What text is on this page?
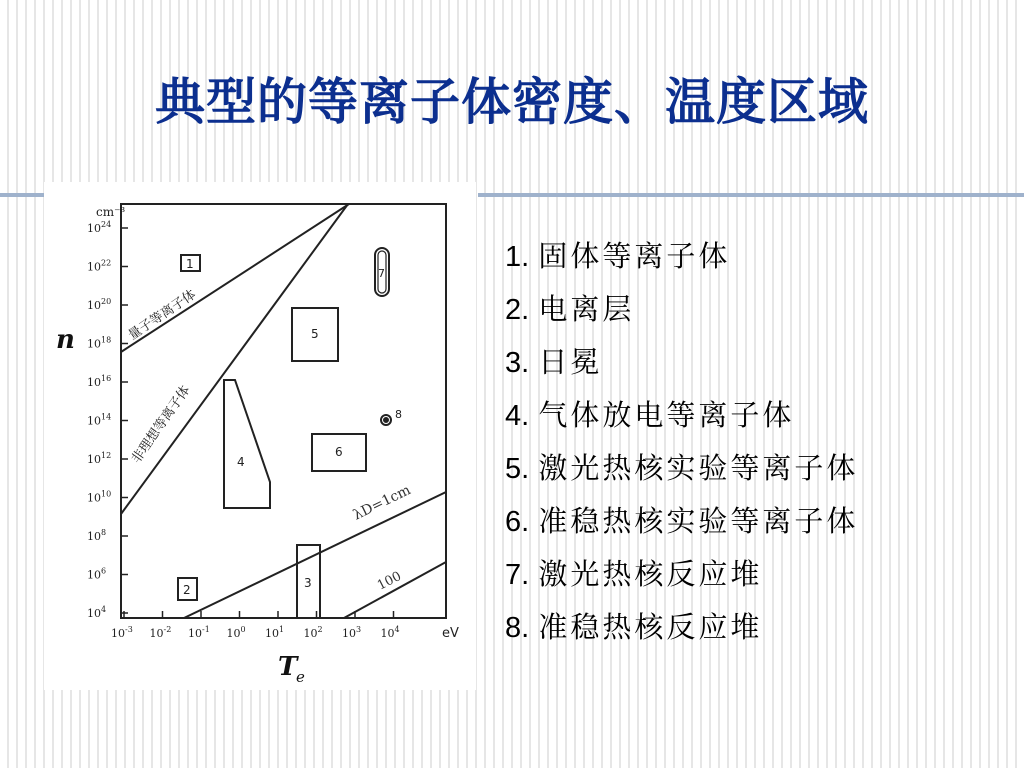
典型的等离子体密度、温度区域
cm⁻³
$10^{24}$
$10^{22}$
$10^{20}$
$10^{18}$
$10^{16}$
$10^{14}$
$10^{12}$
$10^{10}$
$10^8$
$10^6$
$10^4$
$10^{-3}$ $10^{-2}$ $10^{-1}$ $10^0$ $10^1$ $10^2$ $10^3$ $10^4$	eV
n
T
e
量子等离子体
非理想等离子体
λD=1cm
100
1
2	3
4
5
6
7
8
1. 固体等离子体
2. 电离层
3. 日冕
4. 气体放电等离子体
5. 激光热核实验等离子体
6. 准稳热核实验等离子体
7. 激光热核反应堆
8. 准稳热核反应堆
